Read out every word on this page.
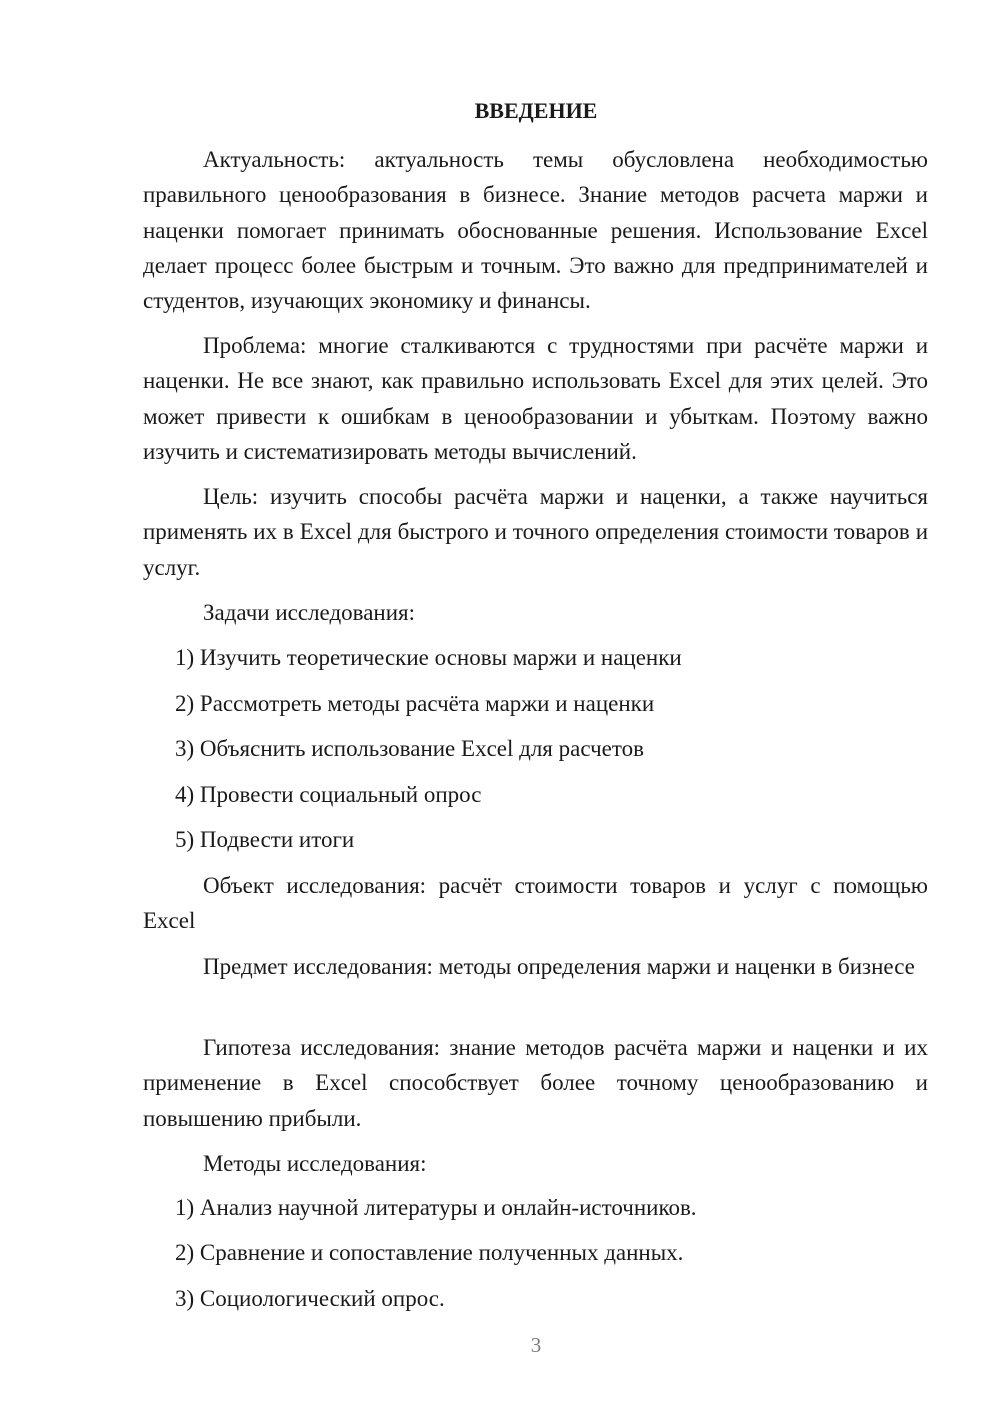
ВВЕДЕНИЕ

Актуальность: актуальность темы обусловлена необходимостью правильного ценообразования в бизнесе. Знание методов расчета маржи и наценки помогает принимать обоснованные решения. Использование Excel делает процесс более быстрым и точным. Это важно для предпринимателей и студентов, изучающих экономику и финансы.

Проблема: многие сталкиваются с трудностями при расчёте маржи и наценки. Не все знают, как правильно использовать Excel для этих целей. Это может привести к ошибкам в ценообразовании и убыткам. Поэтому важно изучить и систематизировать методы вычислений.

Цель: изучить способы расчёта маржи и наценки, а также научиться применять их в Excel для быстрого и точного определения стоимости товаров и услуг.

Задачи исследования:

1) Изучить теоретические основы маржи и наценки
2) Рассмотреть методы расчёта маржи и наценки
3) Объяснить использование Excel для расчетов
4) Провести социальный опрос
5) Подвести итоги

Объект исследования: расчёт стоимости товаров и услуг с помощью Excel

Предмет исследования: методы определения маржи и наценки в бизнесе

Гипотеза исследования: знание методов расчёта маржи и наценки и их применение в Excel способствует более точному ценообразованию и повышению прибыли.

Методы исследования:

1) Анализ научной литературы и онлайн-источников.
2) Сравнение и сопоставление полученных данных.
3) Социологический опрос.
3
